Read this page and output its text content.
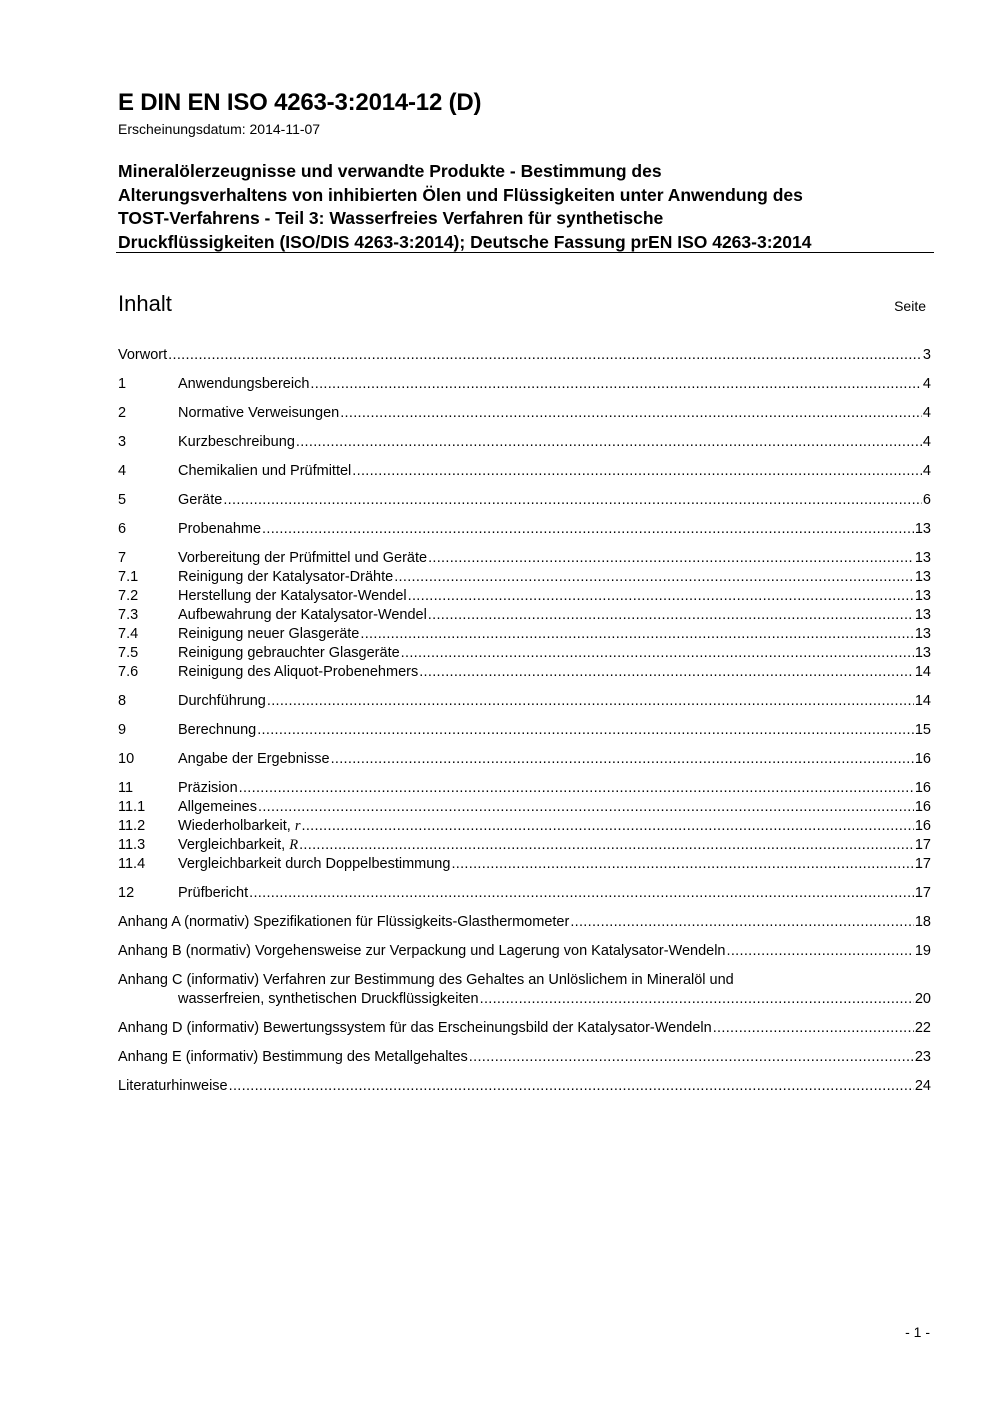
E DIN EN ISO 4263-3:2014-12 (D)
Erscheinungsdatum: 2014-11-07
Mineralölerzeugnisse und verwandte Produkte - Bestimmung des
Alterungsverhaltens von inhibierten Ölen und Flüssigkeiten unter Anwendung des
TOST-Verfahrens - Teil 3: Wasserfreies Verfahren für synthetische
Druckflüssigkeiten (ISO/DIS 4263-3:2014); Deutsche Fassung prEN ISO 4263-3:2014
Inhalt	Seite
Vorwort .....	3
1	Anwendungsbereich .....	4
2	Normative Verweisungen .....	4
3	Kurzbeschreibung .....	4
4	Chemikalien und Prüfmittel .....	4
5	Geräte .....	6
6	Probenahme .....	13
7	Vorbereitung der Prüfmittel und Geräte .....	13
7.1	Reinigung der Katalysator-Drähte .....	13
7.2	Herstellung der Katalysator-Wendel .....	13
7.3	Aufbewahrung der Katalysator-Wendel .....	13
7.4	Reinigung neuer Glasgeräte .....	13
7.5	Reinigung gebrauchter Glasgeräte .....	13
7.6	Reinigung des Aliquot-Probenehmers .....	14
8	Durchführung .....	14
9	Berechnung .....	15
10	Angabe der Ergebnisse .....	16
11	Präzision .....	16
11.1	Allgemeines .....	16
11.2	Wiederholbarkeit, r .....	16
11.3	Vergleichbarkeit, R .....	17
11.4	Vergleichbarkeit durch Doppelbestimmung .....	17
12	Prüfbericht .....	17
Anhang A (normativ) Spezifikationen für Flüssigkeits-Glasthermometer .....	18
Anhang B (normativ) Vorgehensweise zur Verpackung und Lagerung von Katalysator-Wendeln .....	19
Anhang C (informativ) Verfahren zur Bestimmung des Gehaltes an Unlöslichem in Mineralöl und
wasserfreien, synthetischen Druckflüssigkeiten .....	20
Anhang D (informativ) Bewertungssystem für das Erscheinungsbild der Katalysator-Wendeln .....	22
Anhang E (informativ) Bestimmung des Metallgehaltes .....	23
Literaturhinweise .....	24
- 1 -
